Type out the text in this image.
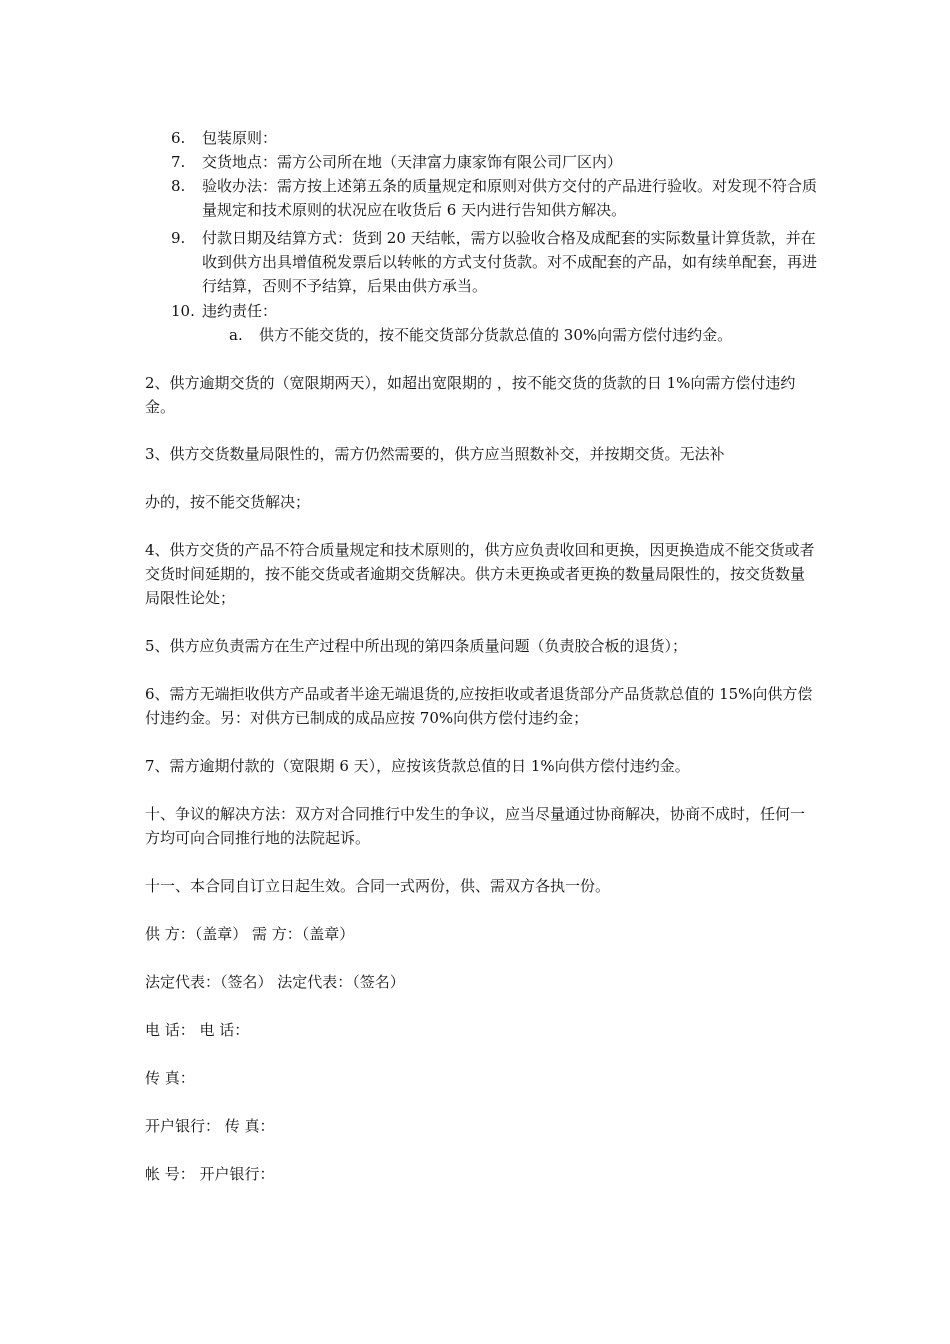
6.	包装原则：
7.	交货地点：需方公司所在地（天津富力康家饰有限公司厂区内）
8.	验收办法：需方按上述第五条的质量规定和原则对供方交付的产品进行验收。对发现不符合质量规定和技术原则的状况应在收货后 6 天内进行告知供方解决。
9.	付款日期及结算方式：货到 20 天结帐，需方以验收合格及成配套的实际数量计算货款，并在收到供方出具增值税发票后以转帐的方式支付货款。对不成配套的产品，如有续单配套，再进行结算，否则不予结算，后果由供方承当。
10. 违约责任：
a. 供方不能交货的，按不能交货部分货款总值的 30%向需方偿付违约金。
2、供方逾期交货的（宽限期两天），如超出宽限期的 ，按不能交货的货款的日 1%向需方偿付违约金。
3、供方交货数量局限性的，需方仍然需要的，供方应当照数补交，并按期交货。无法补
办的，按不能交货解决；
4、供方交货的产品不符合质量规定和技术原则的，供方应负责收回和更换，因更换造成不能交货或者交货时间延期的，按不能交货或者逾期交货解决。供方未更换或者更换的数量局限性的，按交货数量局限性论处；
5、供方应负责需方在生产过程中所出现的第四条质量问题（负责胶合板的退货）；
6、需方无端拒收供方产品或者半途无端退货的,应按拒收或者退货部分产品货款总值的 15%向供方偿付违约金。另：对供方已制成的成品应按 70%向供方偿付违约金；
7、需方逾期付款的（宽限期 6 天），应按该货款总值的日 1%向供方偿付违约金。
十、争议的解决方法：双方对合同推行中发生的争议，应当尽量通过协商解决，协商不成时，任何一方均可向合同推行地的法院起诉。
十一、本合同自订立日起生效。合同一式两份，供、需双方各执一份。
供 方：（盖章） 需 方：（盖章）
法定代表：（签名） 法定代表：（签名）
电 话： 电 话：
传 真：
开户银行： 传 真：
帐 号： 开户银行：
